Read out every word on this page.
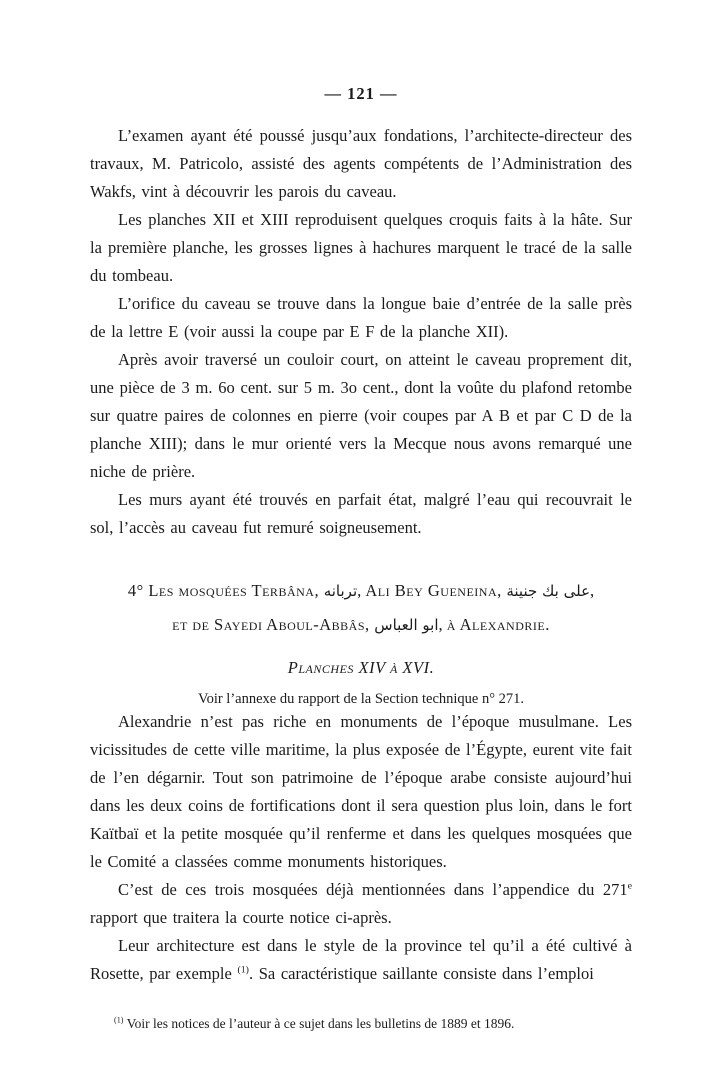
— 121 —

L’examen ayant été poussé jusqu’aux fondations, l’architecte-directeur des travaux, M. Patricolo, assisté des agents compétents de l’Administration des Wakfs, vint à découvrir les parois du caveau.

Les planches XII et XIII reproduisent quelques croquis faits à la hâte. Sur la première planche, les grosses lignes à hachures marquent le tracé de la salle du tombeau.

L’orifice du caveau se trouve dans la longue baie d’entrée de la salle près de la lettre E (voir aussi la coupe par E F de la planche XII).

Après avoir traversé un couloir court, on atteint le caveau proprement dit, une pièce de 3 m. 6o cent. sur 5 m. 3o cent., dont la voûte du plafond retombe sur quatre paires de colonnes en pierre (voir coupes par A B et par C D de la planche XIII); dans le mur orienté vers la Mecque nous avons remarqué une niche de prière.

Les murs ayant été trouvés en parfait état, malgré l’eau qui recouvrait le sol, l’accès au caveau fut remuré soigneusement.

4° Les mosquées Terbâna, تربانه, Ali Bey Gueneina, على بك جنينة,
et de Sayedi Aboul-Abbâs, ابو العباس, à Alexandrie.
Planches XIV à XVI.
Voir l’annexe du rapport de la Section technique n° 271.

Alexandrie n’est pas riche en monuments de l’époque musulmane. Les vicissitudes de cette ville maritime, la plus exposée de l’Égypte, eurent vite fait de l’en dégarnir. Tout son patrimoine de l’époque arabe consiste aujourd’hui dans les deux coins de fortifications dont il sera question plus loin, dans le fort Kaïtbaï et la petite mosquée qu’il renferme et dans les quelques mosquées que le Comité a classées comme monuments historiques.

C’est de ces trois mosquées déjà mentionnées dans l’appendice du 271e rapport que traitera la courte notice ci-après.

Leur architecture est dans le style de la province tel qu’il a été cultivé à Rosette, par exemple $^{(1)}$. Sa caractéristique saillante consiste dans l’emploi

$^{(1)}$ Voir les notices de l’auteur à ce sujet dans les bulletins de 1889 et 1896.
